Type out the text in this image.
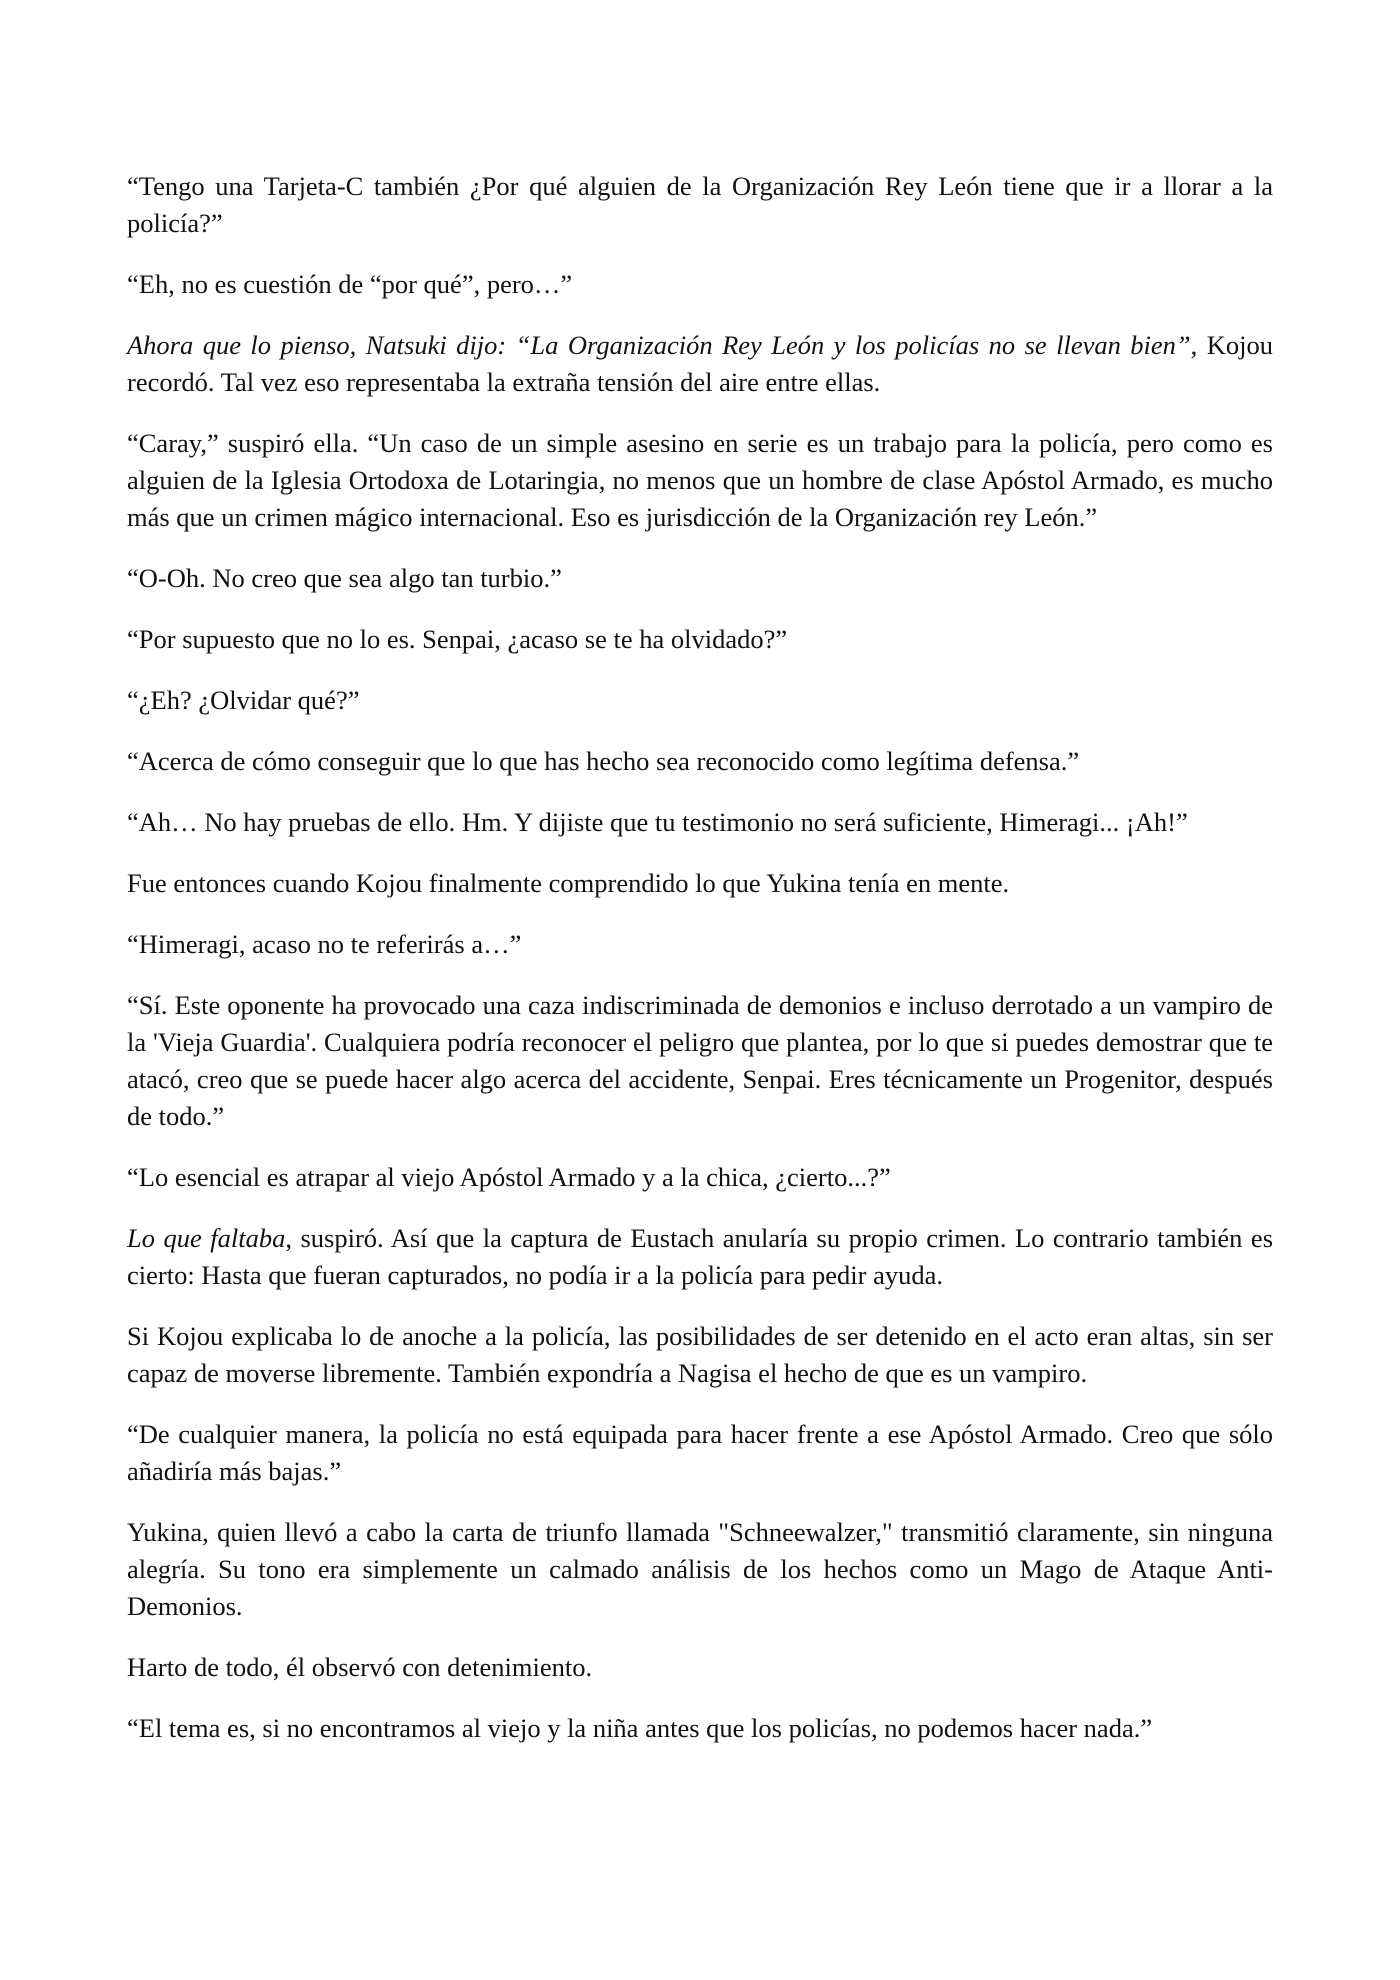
“Tengo una Tarjeta-C también ¿Por qué alguien de la Organización Rey León tiene que ir a llorar a la policía?”

“Eh, no es cuestión de “por qué”, pero…”

Ahora que lo pienso, Natsuki dijo: “La Organización Rey León y los policías no se llevan bien”, Kojou recordó. Tal vez eso representaba la extraña tensión del aire entre ellas.

“Caray,” suspiró ella. “Un caso de un simple asesino en serie es un trabajo para la policía, pero como es alguien de la Iglesia Ortodoxa de Lotaringia, no menos que un hombre de clase Apóstol Armado, es mucho más que un crimen mágico internacional. Eso es jurisdicción de la Organización rey León.”

“O-Oh. No creo que sea algo tan turbio.”

“Por supuesto que no lo es. Senpai, ¿acaso se te ha olvidado?”

“¿Eh? ¿Olvidar qué?”

“Acerca de cómo conseguir que lo que has hecho sea reconocido como legítima defensa.”

“Ah… No hay pruebas de ello. Hm. Y dijiste que tu testimonio no será suficiente, Himeragi... ¡Ah!”

Fue entonces cuando Kojou finalmente comprendido lo que Yukina tenía en mente.

“Himeragi, acaso no te referirás a…”

“Sí. Este oponente ha provocado una caza indiscriminada de demonios e incluso derrotado a un vampiro de la 'Vieja Guardia'. Cualquiera podría reconocer el peligro que plantea, por lo que si puedes demostrar que te atacó, creo que se puede hacer algo acerca del accidente, Senpai. Eres técnicamente un Progenitor, después de todo.”

“Lo esencial es atrapar al viejo Apóstol Armado y a la chica, ¿cierto...?”

Lo que faltaba, suspiró. Así que la captura de Eustach anularía su propio crimen. Lo contrario también es cierto: Hasta que fueran capturados, no podía ir a la policía para pedir ayuda.

Si Kojou explicaba lo de anoche a la policía, las posibilidades de ser detenido en el acto eran altas, sin ser capaz de moverse libremente. También expondría a Nagisa el hecho de que es un vampiro.

“De cualquier manera, la policía no está equipada para hacer frente a ese Apóstol Armado. Creo que sólo añadiría más bajas.”

Yukina, quien llevó a cabo la carta de triunfo llamada "Schneewalzer," transmitió claramente, sin ninguna alegría. Su tono era simplemente un calmado análisis de los hechos como un Mago de Ataque Anti-Demonios.

Harto de todo, él observó con detenimiento.

“El tema es, si no encontramos al viejo y la niña antes que los policías, no podemos hacer nada.”
